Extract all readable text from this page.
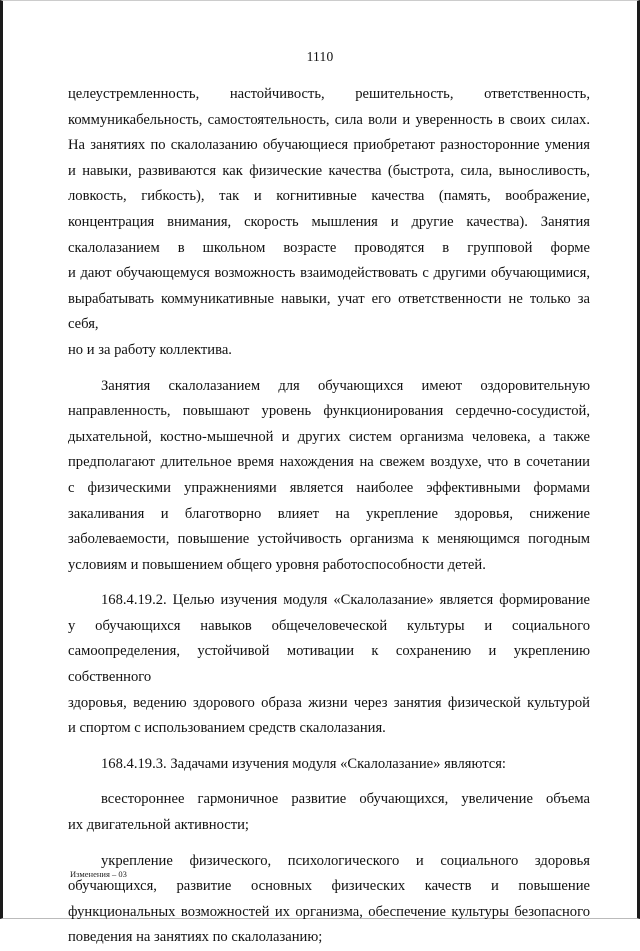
1110

целеустремленность, настойчивость, решительность, ответственность,

коммуникабельность, самостоятельность, сила воли и уверенность в своих силах.

На занятиях по скалолазанию обучающиеся приобретают разносторонние умения

и навыки, развиваются как физические качества (быстрота, сила, выносливость,

ловкость, гибкость), так и когнитивные качества (память, воображение,

концентрация внимания, скорость мышления и другие качества). Занятия

скалолазанием в школьном возрасте проводятся в групповой форме

и дают обучающемуся возможность взаимодействовать с другими обучающимися,

вырабатывать коммуникативные навыки, учат его ответственности не только за себя,

но и за работу коллектива.

Занятия скалолазанием для обучающихся имеют оздоровительную

направленность, повышают уровень функционирования сердечно-сосудистой,

дыхательной, костно-мышечной и других систем организма человека, а также

предполагают длительное время нахождения на свежем воздухе, что в сочетании

с физическими упражнениями является наиболее эффективными формами

закаливания и благотворно влияет на укрепление здоровья, снижение

заболеваемости, повышение устойчивость организма к меняющимся погодным

условиям и повышением общего уровня работоспособности детей.

168.4.19.2. Целью изучения модуля «Скалолазание» является формирование

у обучающихся навыков общечеловеческой культуры и социального

самоопределения, устойчивой мотивации к сохранению и укреплению собственного

здоровья, ведению здорового образа жизни через занятия физической культурой

и спортом с использованием средств скалолазания.

168.4.19.3. Задачами изучения модуля «Скалолазание» являются:

всестороннее гармоничное развитие обучающихся, увеличение объема

их двигательной активности;

укрепление физического, психологического и социального здоровья

обучающихся, развитие основных физических качеств и повышение

функциональных возможностей их организма, обеспечение культуры безопасного

поведения на занятиях по скалолазанию;

Изменения – 03
